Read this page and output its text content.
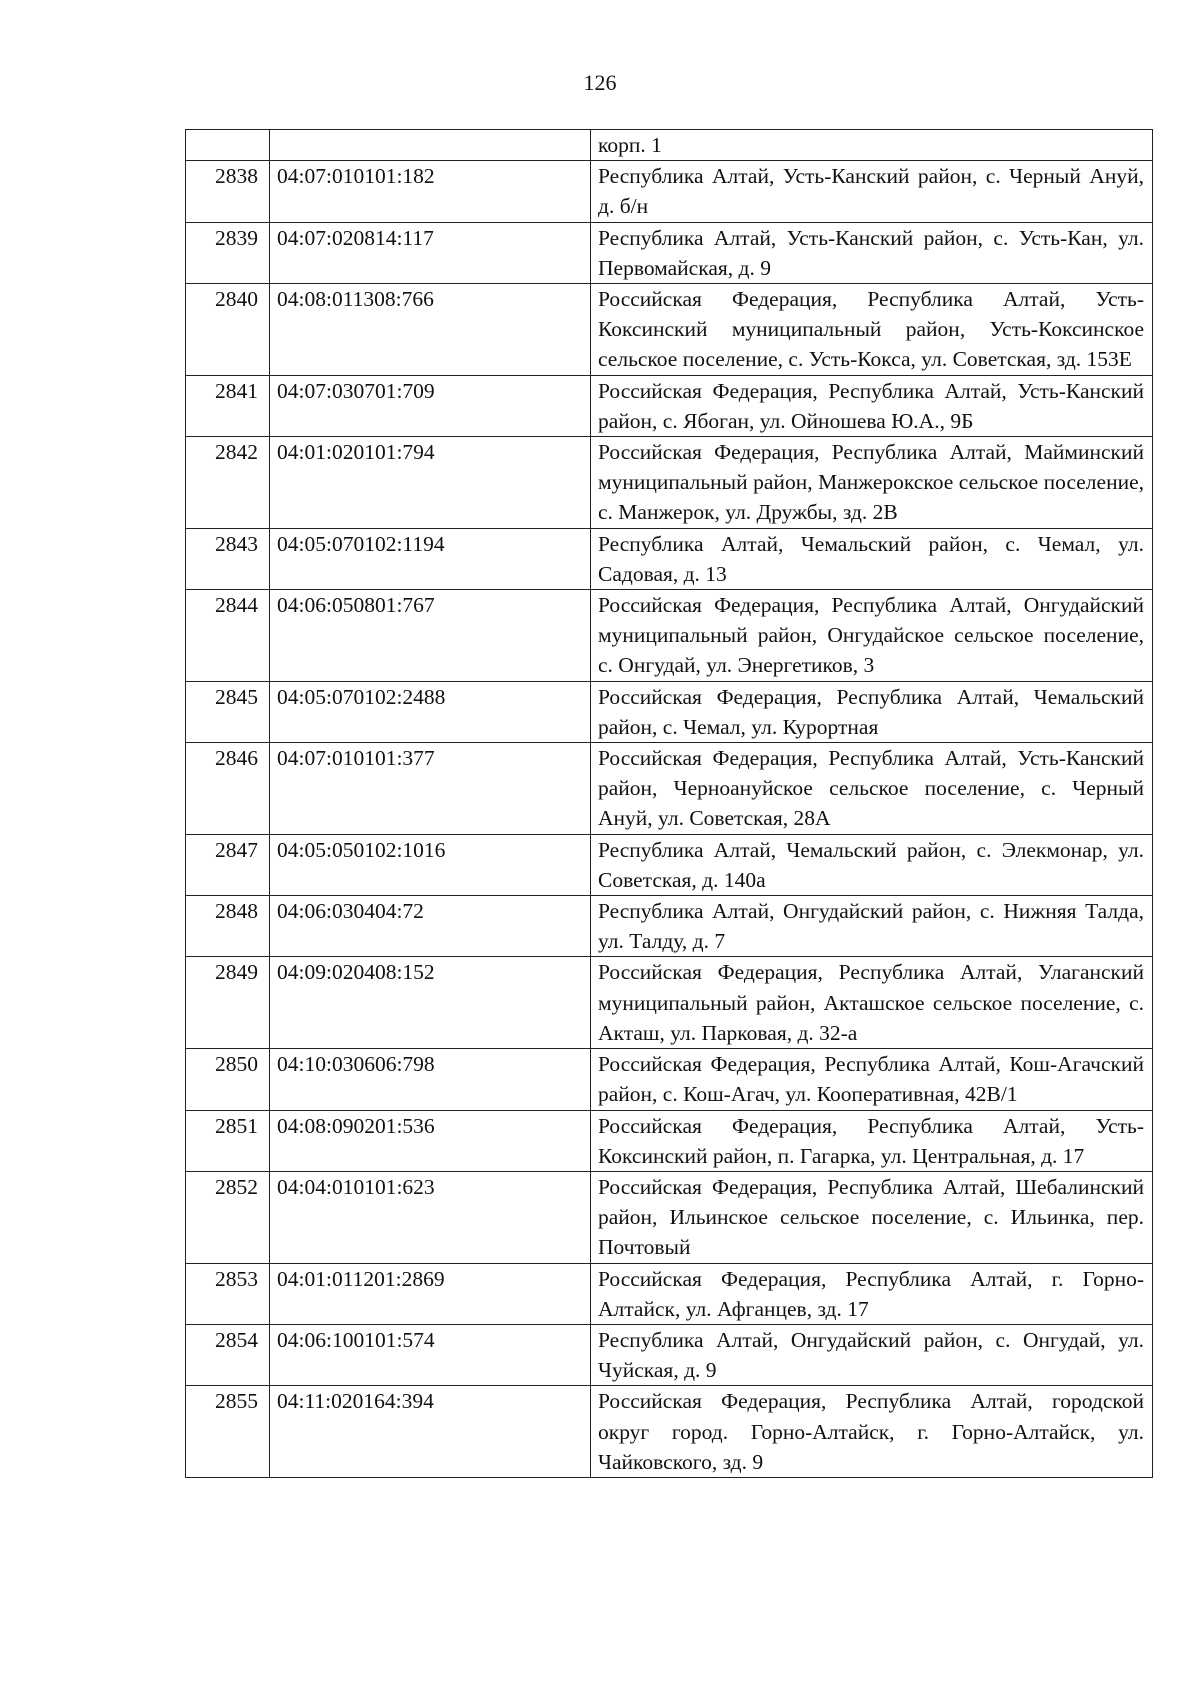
126
		корп. 1
2838	04:07:010101:182	Республика Алтай, Усть-Канский район, с. Черный Ануй, д. б/н
2839	04:07:020814:117	Республика Алтай, Усть-Канский район, с. Усть-Кан, ул. Первомайская, д. 9
2840	04:08:011308:766	Российская Федерация, Республика Алтай, Усть-Коксинский муниципальный район, Усть-Коксинское сельское поселение, с. Усть-Кокса, ул. Советская, зд. 153Е
2841	04:07:030701:709	Российская Федерация, Республика Алтай, Усть-Канский район, с. Ябоган, ул. Ойношева Ю.А., 9Б
2842	04:01:020101:794	Российская Федерация, Республика Алтай, Майминский муниципальный район, Манжерокское сельское поселение, с. Манжерок, ул. Дружбы, зд. 2В
2843	04:05:070102:1194	Республика Алтай, Чемальский район, с. Чемал, ул. Садовая, д. 13
2844	04:06:050801:767	Российская Федерация, Республика Алтай, Онгудайский муниципальный район, Онгудайское сельское поселение, с. Онгудай, ул. Энергетиков, 3
2845	04:05:070102:2488	Российская Федерация, Республика Алтай, Чемальский район, с. Чемал, ул. Курортная
2846	04:07:010101:377	Российская Федерация, Республика Алтай, Усть-Канский район, Черноануйское сельское поселение, с. Черный Ануй, ул. Советская, 28А
2847	04:05:050102:1016	Республика Алтай, Чемальский район, с. Элекмонар, ул. Советская, д. 140а
2848	04:06:030404:72	Республика Алтай, Онгудайский район, с. Нижняя Талда, ул. Талду, д. 7
2849	04:09:020408:152	Российская Федерация, Республика Алтай, Улаганский муниципальный район, Акташское сельское поселение, с. Акташ, ул. Парковая, д. 32-а
2850	04:10:030606:798	Российская Федерация, Республика Алтай, Кош-Агачский район, с. Кош-Агач, ул. Кооперативная, 42В/1
2851	04:08:090201:536	Российская Федерация, Республика Алтай, Усть-Коксинский район, п. Гагарка, ул. Центральная, д. 17
2852	04:04:010101:623	Российская Федерация, Республика Алтай, Шебалинский район, Ильинское сельское поселение, с. Ильинка, пер. Почтовый
2853	04:01:011201:2869	Российская Федерация, Республика Алтай, г. Горно-Алтайск, ул. Афганцев, зд. 17
2854	04:06:100101:574	Республика Алтай, Онгудайский район, с. Онгудай, ул. Чуйская, д. 9
2855	04:11:020164:394	Российская Федерация, Республика Алтай, городской округ город. Горно-Алтайск, г. Горно-Алтайск, ул. Чайковского, зд. 9
